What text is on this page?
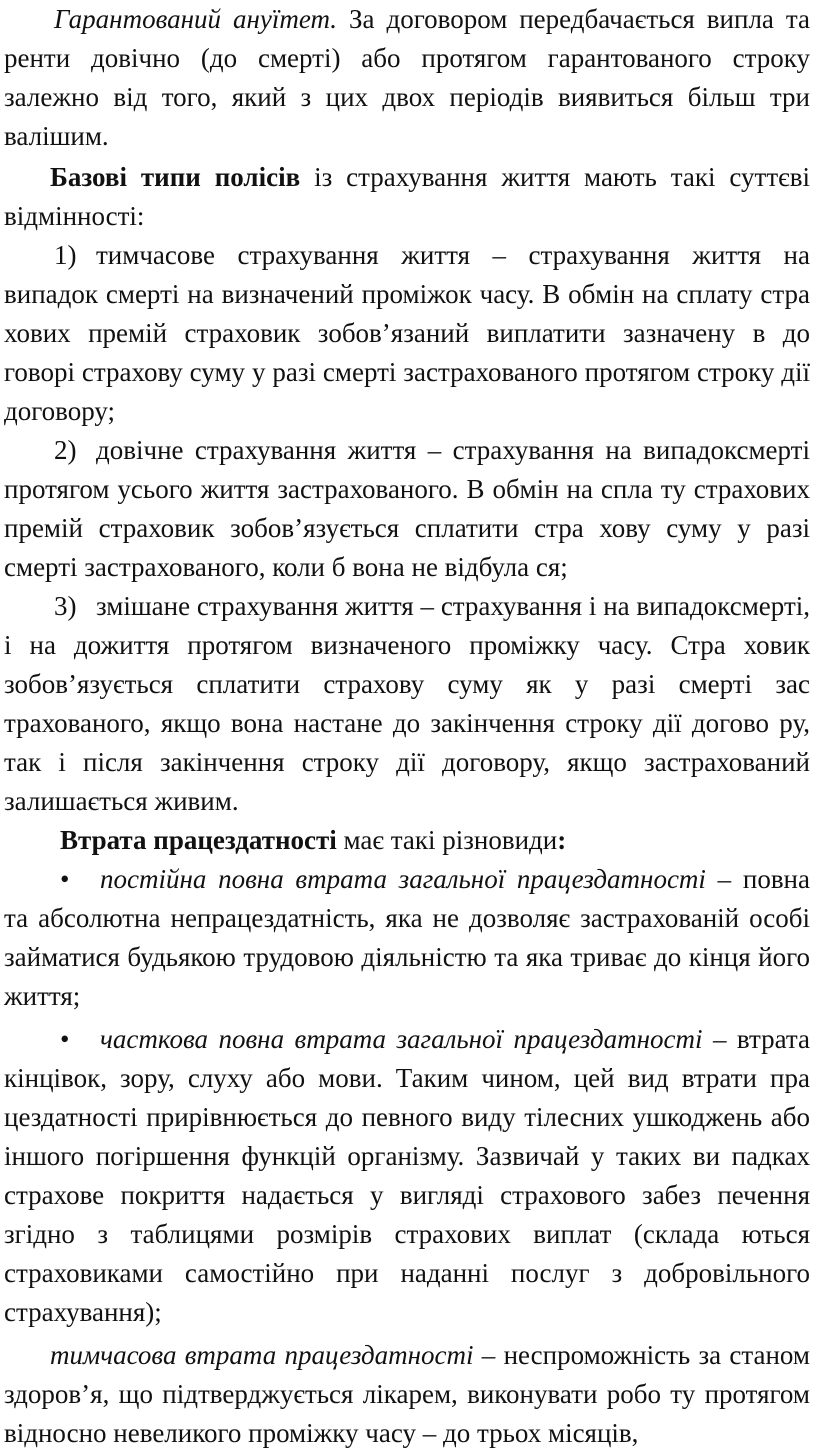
Гарантований ануїтет. За договором передбачається випла та ренти довічно (до смерті) або протягом гарантованого строку залежно від того, який з цих двох періодів виявиться більш три валішим.

Базові типи полісів із страхування життя мають такі суттєві відмінності:

1) тимчасове страхування життя – страхування життя на випадок смерті на визначений проміжок часу. В обмін на сплату стра хових премій страховик зобов’язаний виплатити зазначену в до говорі страхову суму у разі смерті застрахованого протягом строку дії договору;

2) довічне страхування життя – страхування на випадоксмерті протягом усього життя застрахованого. В обмін на спла ту страхових премій страховик зобов’язується сплатити стра хову суму у разі смерті застрахованого, коли б вона не відбула ся;

3) змішане страхування життя – страхування і на випадоксмерті, і на дожиття протягом визначеного проміжку часу. Стра ховик зобов’язується сплатити страхову суму як у разі смерті зас трахованого, якщо вона настане до закінчення строку дії догово ру, так і після закінчення строку дії договору, якщо застрахований залишається живим.

Втрата працездатності має такі різновиди:

• постійна повна втрата загальної працездатності – повна та абсолютна непрацездатність, яка не дозволяє застрахованій особі займатися будьякою трудовою діяльністю та яка триває до кінця його життя;

• часткова повна втрата загальної працездатності – втрата кінцівок, зору, слуху або мови. Таким чином, цей вид втрати пра цездатності прирівнюється до певного виду тілесних ушкоджень або іншого погіршення функцій організму. Зазвичай у таких ви падках страхове покриття надається у вигляді страхового забез печення згідно з таблицями розмірів страхових виплат (склада ються страховиками самостійно при наданні послуг з добровільного страхування);

тимчасова втрата працездатності – неспроможність за станом здоров’я, що підтверджується лікарем, виконувати робо ту протягом відносно невеликого проміжку часу – до трьох місяців,
